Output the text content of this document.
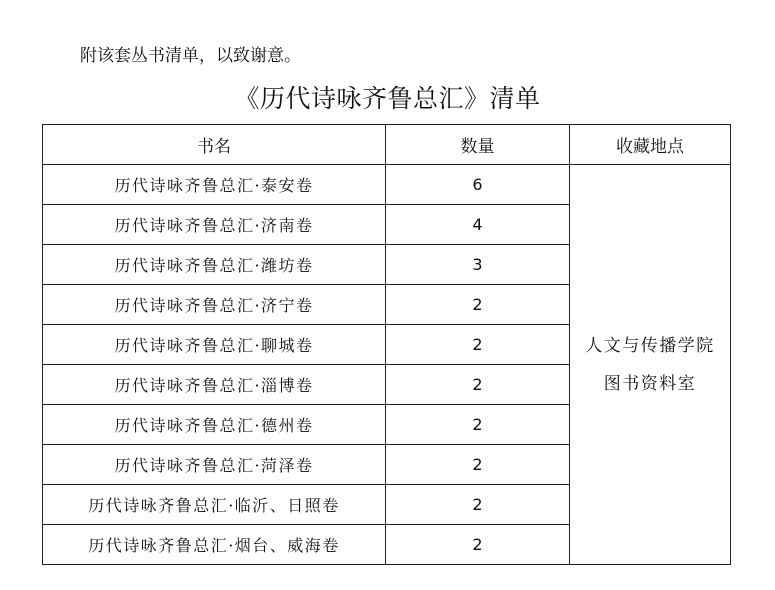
附该套丛书清单，以致谢意。
《历代诗咏齐鲁总汇》清单
书名	数量	收藏地点
历代诗咏齐鲁总汇·泰安卷	6	人文与传播学院
图书资料室

历代诗咏齐鲁总汇·济南卷	4	
历代诗咏齐鲁总汇·潍坊卷	3	
历代诗咏齐鲁总汇·济宁卷	2	
历代诗咏齐鲁总汇·聊城卷	2	
历代诗咏齐鲁总汇·淄博卷	2	
历代诗咏齐鲁总汇·德州卷	2	
历代诗咏齐鲁总汇·菏泽卷	2	
历代诗咏齐鲁总汇·临沂、日照卷	2	
历代诗咏齐鲁总汇·烟台、威海卷	2	
